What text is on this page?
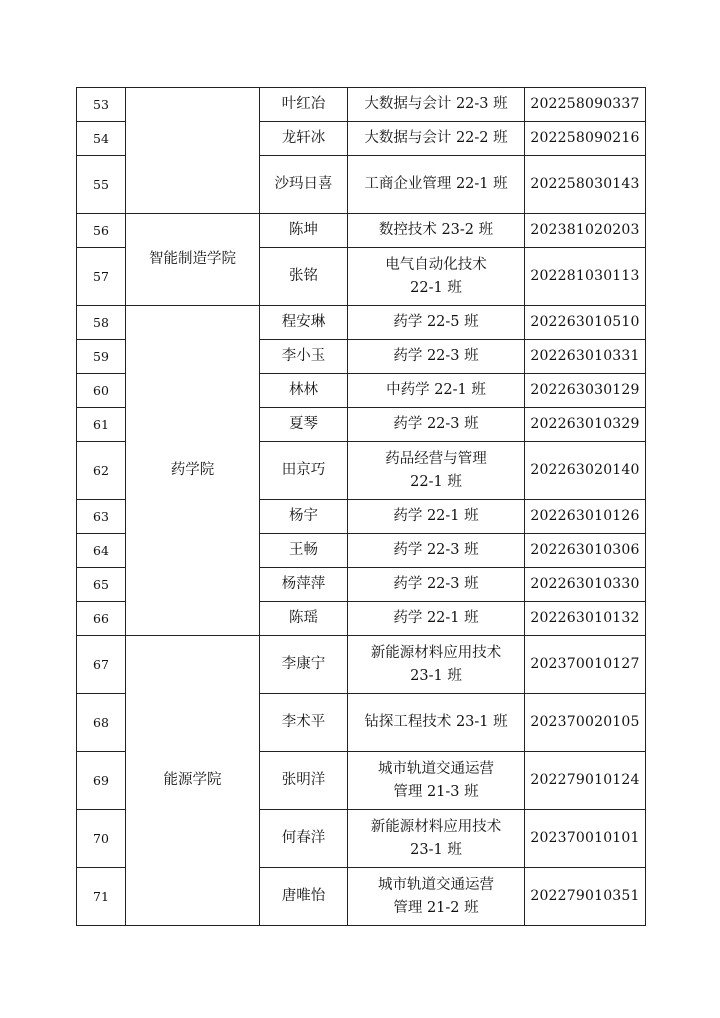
53		叶红冶	大数据与会计 22-3 班	202258090337
54		龙轩冰	大数据与会计 22-2 班	202258090216
55		沙玛日喜	工商企业管理 22-1 班	202258030143
56	智能制造学院	陈坤	数控技术 23-2 班	202381020203
57		张铭	电气自动化技术
22-1 班	202281030113
58	药学院	程安琳	药学 22-5 班	202263010510
59		李小玉	药学 22-3 班	202263010331
60		林林	中药学 22-1 班	202263030129
61		夏琴	药学 22-3 班	202263010329
62		田京巧	药品经营与管理
22-1 班	202263020140
63		杨宇	药学 22-1 班	202263010126
64		王畅	药学 22-3 班	202263010306
65		杨萍萍	药学 22-3 班	202263010330
66		陈瑶	药学 22-1 班	202263010132
67	能源学院	李康宁	新能源材料应用技术
23-1 班	202370010127
68		李术平	钻探工程技术 23-1 班	202370020105
69		张明洋	城市轨道交通运营
管理 21-3 班	202279010124
70		何春洋	新能源材料应用技术
23-1 班	202370010101
71		唐唯怡	城市轨道交通运营
管理 21-2 班	202279010351
